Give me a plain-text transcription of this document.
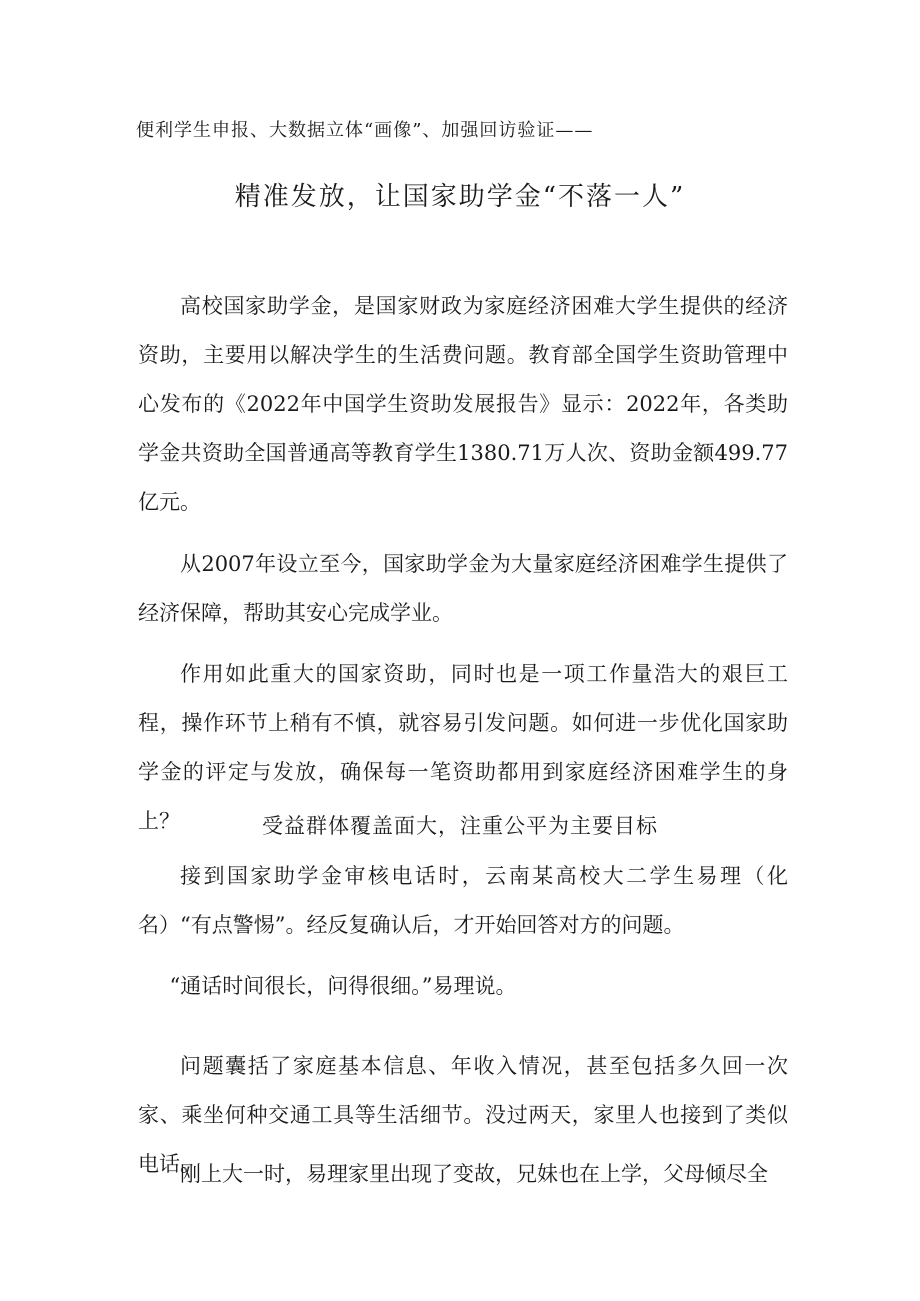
便利学生申报、大数据立体“画像”、加强回访验证——
精准发放，让国家助学金“不落一人”

高校国家助学金，是国家财政为家庭经济困难大学生提供的经济资助，主要用以解决学生的生活费问题。教育部全国学生资助管理中心发布的《2022年中国学生资助发展报告》显示：2022年，各类助学金共资助全国普通高等教育学生1380.71万人次、资助金额499.77亿元。

从2007年设立至今，国家助学金为大量家庭经济困难学生提供了经济保障，帮助其安心完成学业。

作用如此重大的国家资助，同时也是一项工作量浩大的艰巨工程，操作环节上稍有不慎，就容易引发问题。如何进一步优化国家助学金的评定与发放，确保每一笔资助都用到家庭经济困难学生的身上？	受益群体覆盖面大，注重公平为主要目标

接到国家助学金审核电话时，云南某高校大二学生易理（化名）“有点警惕”。经反复确认后，才开始回答对方的问题。

“通话时间很长，问得很细。”易理说。

问题囊括了家庭基本信息、年收入情况，甚至包括多久回一次家、乘坐何种交通工具等生活细节。没过两天，家里人也接到了类似电话。

刚上大一时，易理家里出现了变故，兄妹也在上学，父母倾尽全
